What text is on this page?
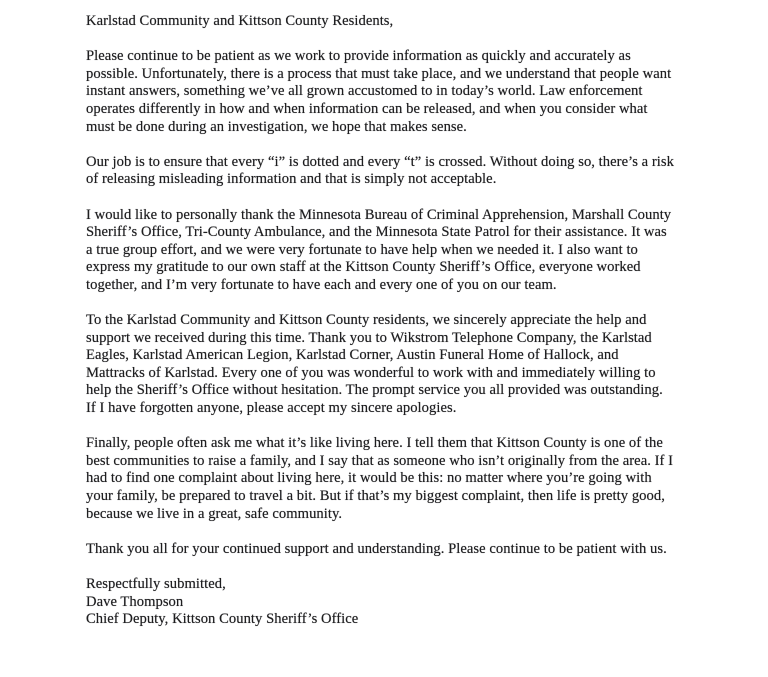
Karlstad Community and Kittson County Residents,

Please continue to be patient as we work to provide information as quickly and accurately as possible. Unfortunately, there is a process that must take place, and we understand that people want instant answers, something we’ve all grown accustomed to in today’s world. Law enforcement operates differently in how and when information can be released, and when you consider what must be done during an investigation, we hope that makes sense.

Our job is to ensure that every “i” is dotted and every “t” is crossed. Without doing so, there’s a risk of releasing misleading information and that is simply not acceptable.

I would like to personally thank the Minnesota Bureau of Criminal Apprehension, Marshall County Sheriff’s Office, Tri-County Ambulance, and the Minnesota State Patrol for their assistance. It was a true group effort, and we were very fortunate to have help when we needed it. I also want to express my gratitude to our own staff at the Kittson County Sheriff’s Office, everyone worked together, and I’m very fortunate to have each and every one of you on our team.

To the Karlstad Community and Kittson County residents, we sincerely appreciate the help and support we received during this time. Thank you to Wikstrom Telephone Company, the Karlstad Eagles, Karlstad American Legion, Karlstad Corner, Austin Funeral Home of Hallock, and Mattracks of Karlstad. Every one of you was wonderful to work with and immediately willing to help the Sheriff’s Office without hesitation. The prompt service you all provided was outstanding. If I have forgotten anyone, please accept my sincere apologies.

Finally, people often ask me what it’s like living here. I tell them that Kittson County is one of the best communities to raise a family, and I say that as someone who isn’t originally from the area. If I had to find one complaint about living here, it would be this: no matter where you’re going with your family, be prepared to travel a bit. But if that’s my biggest complaint, then life is pretty good, because we live in a great, safe community.

Thank you all for your continued support and understanding. Please continue to be patient with us.

Respectfully submitted,

Dave Thompson

Chief Deputy, Kittson County Sheriff’s Office
